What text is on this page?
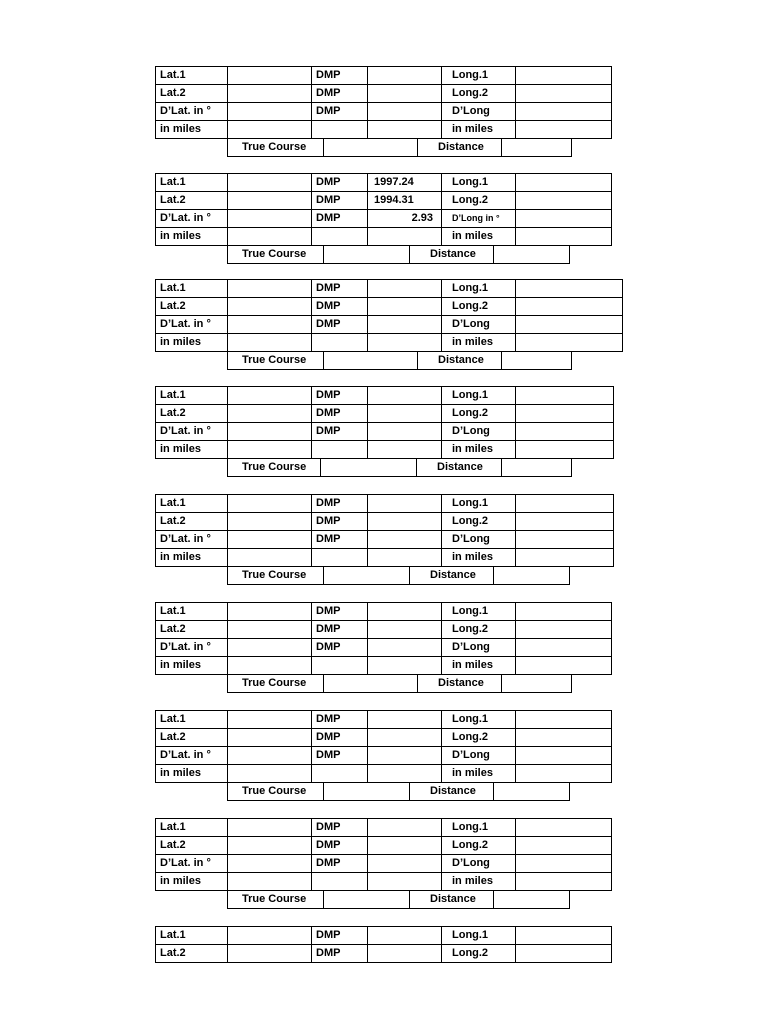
Lat.1		DMP		Long.1	
Lat.2		DMP		Long.2	
D’Lat. in °		DMP		D’Long	
in miles				in miles	
True Course		Distance	
Lat.1		DMP	1997.24	Long.1	
Lat.2		DMP	1994.31	Long.2	
D’Lat. in °		DMP	2.93	D’Long in °	
in miles				in miles	
True Course		Distance	
Lat.1		DMP		Long.1	
Lat.2		DMP		Long.2	
D’Lat. in °		DMP		D’Long	
in miles				in miles	
True Course		Distance	
Lat.1		DMP		Long.1	
Lat.2		DMP		Long.2	
D’Lat. in °		DMP		D’Long	
in miles				in miles	
True Course		Distance	
Lat.1		DMP		Long.1	
Lat.2		DMP		Long.2	
D’Lat. in °		DMP		D’Long	
in miles				in miles	
True Course		Distance	
Lat.1		DMP		Long.1	
Lat.2		DMP		Long.2	
D’Lat. in °		DMP		D’Long	
in miles				in miles	
True Course		Distance	
Lat.1		DMP		Long.1	
Lat.2		DMP		Long.2	
D’Lat. in °		DMP		D’Long	
in miles				in miles	
True Course		Distance	
Lat.1		DMP		Long.1	
Lat.2		DMP		Long.2	
D’Lat. in °		DMP		D’Long	
in miles				in miles	
True Course		Distance	
Lat.1		DMP		Long.1	
Lat.2		DMP		Long.2	
